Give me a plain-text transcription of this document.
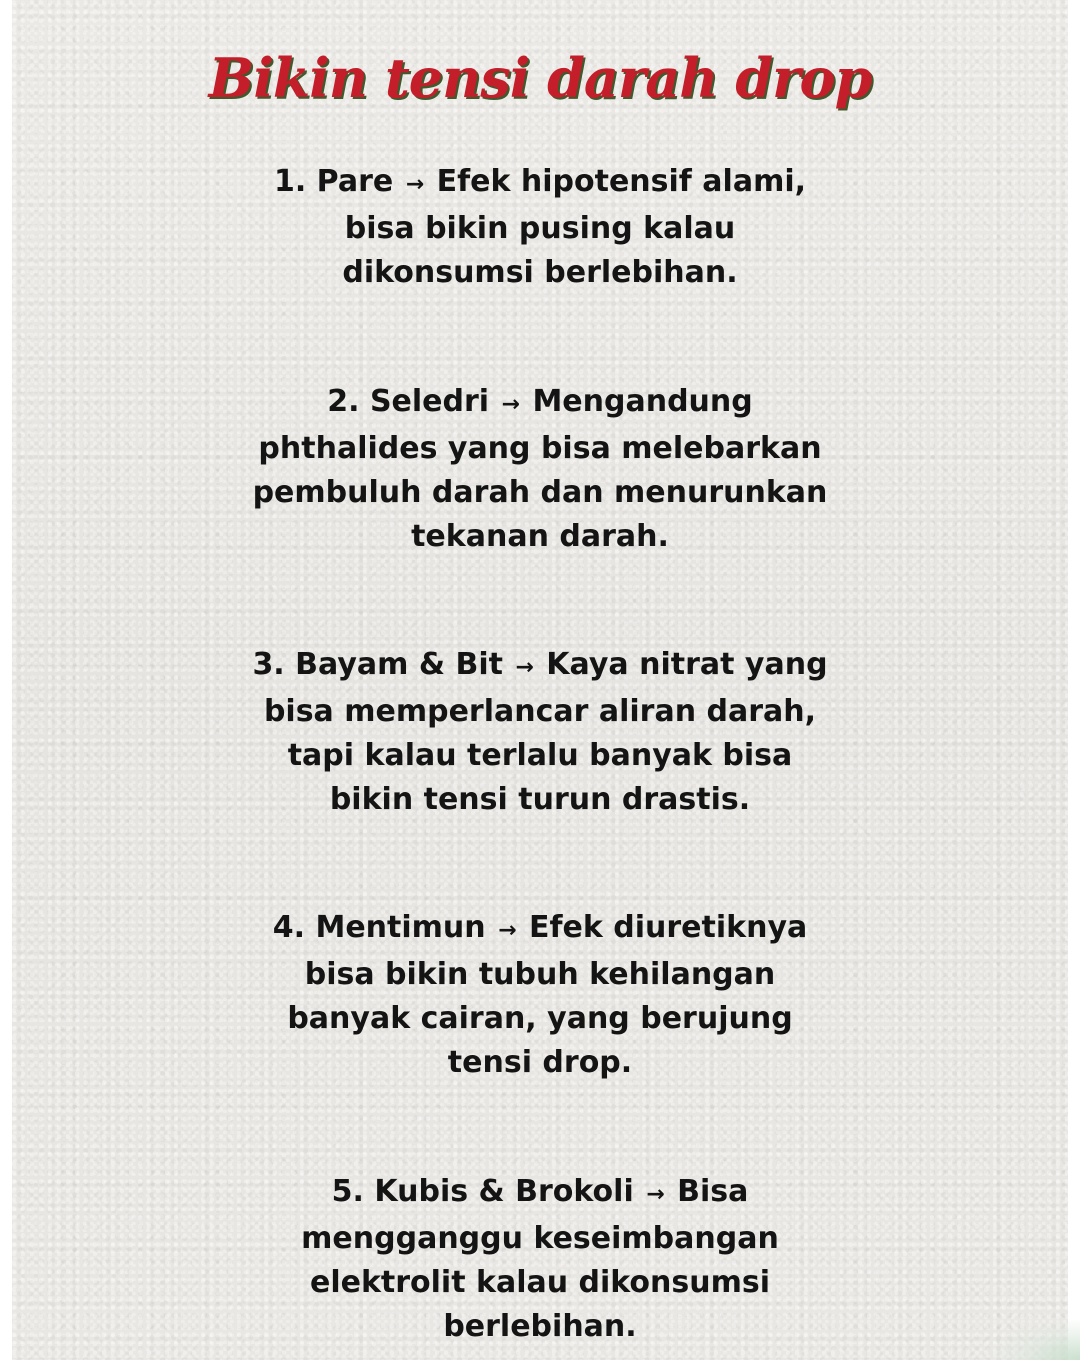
Bikin tensi darah drop
1. Pare → Efek hipotensif alami,
bisa bikin pusing kalau
dikonsumsi berlebihan.
2. Seledri → Mengandung
phthalides yang bisa melebarkan
pembuluh darah dan menurunkan
tekanan darah.
3. Bayam & Bit → Kaya nitrat yang
bisa memperlancar aliran darah,
tapi kalau terlalu banyak bisa
bikin tensi turun drastis.
4. Mentimun → Efek diuretiknya
bisa bikin tubuh kehilangan
banyak cairan, yang berujung
tensi drop.
5. Kubis & Brokoli → Bisa
mengganggu keseimbangan
elektrolit kalau dikonsumsi
berlebihan.
